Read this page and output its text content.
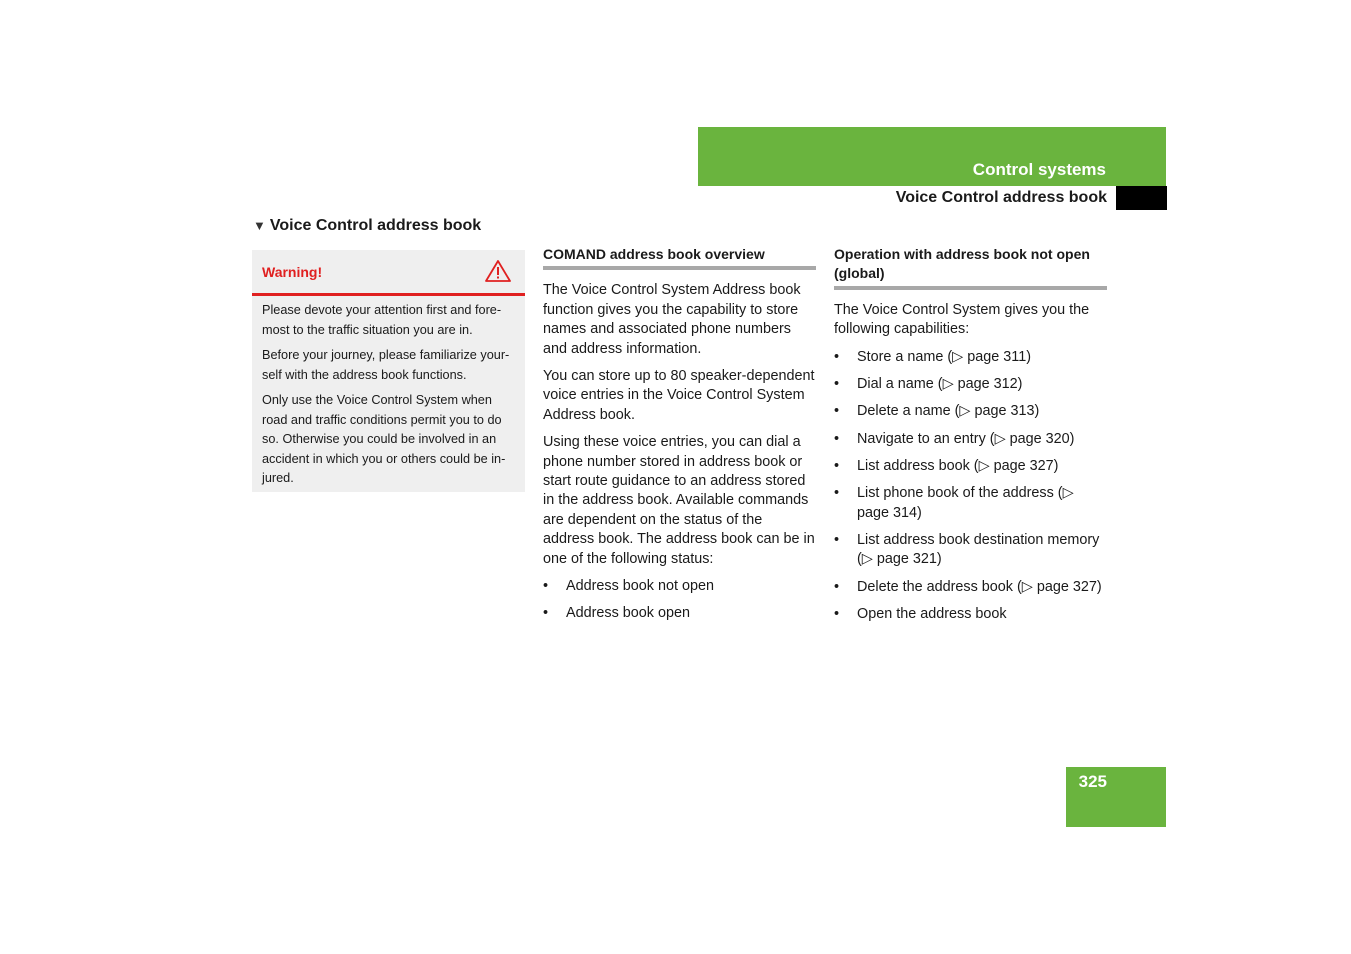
Control systems
Voice Control address book
▼ Voice Control address book
Warning!

Please devote your attention first and fore-most to the traffic situation you are in.

Before your journey, please familiarize your-self with the address book functions.

Only use the Voice Control System when road and traffic conditions permit you to do so. Otherwise you could be involved in an accident in which you or others could be in-jured.

COMAND address book overview

The Voice Control System Address book function gives you the capability to store names and associated phone numbers and address information.

You can store up to 80 speaker-dependent voice entries in the Voice Control System Address book.

Using these voice entries, you can dial a phone number stored in address book or start route guidance to an address stored in the address book. Available commands are dependent on the status of the address book. The address book can be in one of the following status:

• Address book not open
• Address book open
Operation with address book not open (global)

The Voice Control System gives you the following capabilities:

• Store a name (▷ page 311)
• Dial a name (▷ page 312)
• Delete a name (▷ page 313)
• Navigate to an entry (▷ page 320)
• List address book (▷ page 327)
• List phone book of the address (▷ page 314)
• List address book destination memory (▷ page 321)
• Delete the address book (▷ page 327)
• Open the address book
325
